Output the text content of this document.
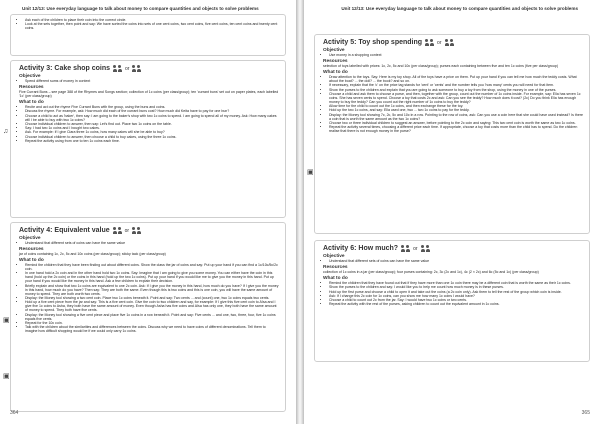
Unit 12/13: Use everyday language to talk about money to compare quantities and objects to solve problems
• Ask each of the children to place their coin into the correct circle.
• Look at the sets together, then point and say: We have sorted the coins into sets of one cent coins, two cent coins, five cent coins, ten cent coins and twenty cent coins.
♫
Activity 3: Cake shop coins	or
Objective
• Spend different sums of money in context
Resources

Five Currant Buns – see page 388 of the Rhymes and Songs section; collection of 1c coins (per class/group); ten 'currant buns' set out on paper plates, each labelled '1c' (per class/group)

What to do
• Recite and act out the rhyme Five Currant Buns with the group, using the buns and coins.
• Discuss the rhyme. For example, ask: How much did each of the currant buns cost? How much did Keita have to pay for one bun?
• Choose a child to act as 'baker', then say: I am going to the baker's shop with two 1c coins to spend. I am going to spend all of my money. Ask: How many cakes will I be able to buy with two 1c coins?
• Choose individual children to answer, then say: Let's find out. Place two 1c coins on the table.
• Say: I had two 1c coins and I bought two cakes.
• Ask. For example: If I give Ciara three 1c coins, how many cakes will she be able to buy?
• Choose individual children to answer, then choose a child to buy cakes, using the three 1c coins.
• Repeat the activity using from one to ten 1c coins each time.
▣
▣
Activity 4: Equivalent value	or
Objective
• Understand that different sets of coins can have the same value
Resources

jar of coins containing 1c, 2c, 5c and 10c coins (per class/group); sticky tack (per class/group)

What to do
• Remind the children that they have been finding out about different coins. Show the class the jar of coins and say: Put up your hand if you can find a 1c/10c/5c/2c coin.
• In one hand hold a 2c coin and in the other hand hold two 1c coins. Say: Imagine that I am going to give you some money. You can either have the coin in this hand (hold up the 2c coin) or the coins in this hand (hold up the two 1c coins). Put up your hand if you would like me to give you the money in this hand. Put up your hand if you would like the money in this hand. Ask a few children to explain their decision.
• Briefly explain and show that two 1c coins are equivalent to one 2c coin. Ask: If I give you the money in this hand, how much do you have? If I give you the money in this hand, how much do you have? Then say: They are both the same. Even though this is two coins and this is one coin, you will have the same amount of money to spend. They are both worth two cents.
• Display: the Money tool showing a two cent coin. Place two 1c coins beneath it. Point and say: Two cents ... and (count) one, two 1c coins equals two cents.
• Hold up a five cent piece from the jar and say: This is a five cent coin. Give the coin to two children and say, for example: If I give this five cent coin to Aïsa and I give five 1c coins to Asha, they both have the same amount of money. Even though Asha has five coins and Aïsa has only one, they both have the same amount of money to spend. They both have five cents.
• Display: the Money tool showing a five cent piece and place five 1c coins in a row beneath it. Point and say: Five cents ... and one, two, three, four, five 1c coins equals five cents.
• Repeat for the 10c coin.
• Talk with the children about the similarities and differences between the coins. Discuss why we need to have coins of different denominations. Tell them to imagine how difficult shopping would be if we could only carry 1c coins.
364
Unit 12/13: Use everyday language to talk about money to compare quantities and objects to solve problems
▣
Activity 5: Toy shop spending	or
Objective
• Use money in a shopping context
Resources

selection of toys labelled with prices: 1c, 2c, 5c and 10c (per class/group); purses each containing between five and ten 1c coins (five per class/group)

What to do
• Draw attention to the toys. Say: Here is my toy shop. All of the toys have a price on them. Put up your hand if you can tell me how much the teddy costs. What about the boat? ... the doll? ... the book? and so on.
• If necessary, explain that the 'c' on the price tag stands for 'cent' or 'cents' and the number tells you 'how many' cents you will need for that item.
• Show the purses to the children and explain that you are going to ask someone to buy a toy from the shop, using the money in one of the purses.
• Choose a child and ask them to choose a purse, and then, together with the group, count out the number of 1c coins inside. For example, say: Ella has seven 1c coins. She has seven cents to spend. Choose a toy that costs 2c and ask: Can you see the teddy? How much does it cost? (2c) Do you think Ella has enough money to buy the teddy? Can you count out the right number of 1c coins to buy the teddy?
• Allow time for the child to count out the 1c coins, and then exchange these for the toy.
• Hold up the two 1c coins, and say: Ella used one, two ... two 1c coins to pay for the teddy.
• Display: the Money tool showing 7c, 2c, 5c and 10c in a row. Pointing to the row of coins, ask: Can you use a coin here that she could have used instead? Is there a coin that is worth the same amount as the two 1c coins?
• Choose two or three individual children to suggest an answer, before pointing to the 2c coin and saying: This two cent coin is worth the same as two 1c coins.
• Repeat the activity several times, choosing a different price each time. If appropriate, choose a toy that costs more than the child has to spend. Do the children realise that there is not enough money in the purse?
Activity 6: How much?	or
Objective
• Understand that different sets of coins can have the same value
Resources

collection of 1c coins in a jar (per class/group); four purses containing: 2c, 3c (2c and 1c), 4c (2 × 2c) and 6c (5c and 1c) (per class/group)

What to do
• Remind the children that they have found out that if they have more than one 1c coin there may be a different coin that is worth the same as their 1c coins.
• Show the purses to the children and say: I would like you to help me count how much money is in these purses.
• Hold up the first purse and choose a child to open it and take out the coins (a 2c coin only). Ask them to tell the rest of the group which coin is inside.
• Ask: If I change this 2c coin for 1c coins, can you show me how many 1c coins I would have?
• Choose a child to count out 2c from the jar. Say: I would have two 1c coins or two cents.
• Repeat the activity with the rest of the purses, asking children to count out the equivalent amount in 1c coins.
365
